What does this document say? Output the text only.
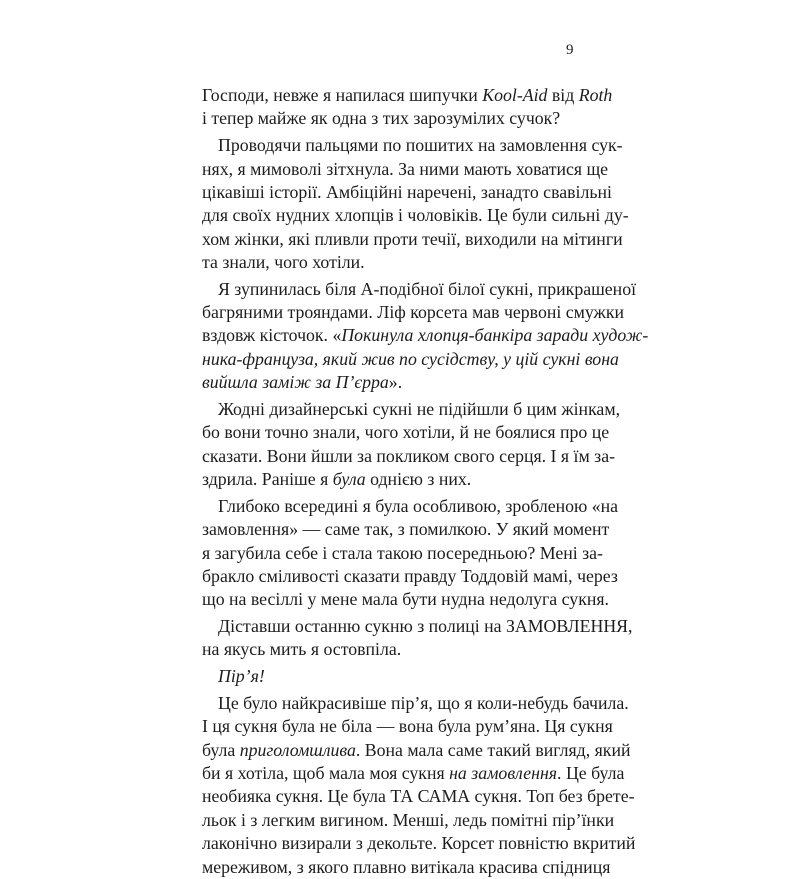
9
Господи, невже я напилася шипучки Kool-Aid від Roth
і тепер майже як одна з тих зарозумілих сучок?
Проводячи пальцями по пошитих на замовлення сук-
нях, я мимоволі зітхнула. За ними мають ховатися ще
цікавіші історії. Амбіційні наречені, занадто свавільні
для своїх нудних хлопців і чоловіків. Це були сильні ду-
хом жінки, які пливли проти течії, виходили на мітинги
та знали, чого хотіли.
Я зупинилась біля А-подібної білої сукні, прикрашеної
багряними трояндами. Ліф корсета мав червоні смужки
вздовж кісточок. «Покинула хлопця-банкіра заради худож-
ника-француза, який жив по сусідству, у цій сукні вона
вийшла заміж за П’єрра».
Жодні дизайнерські сукні не підійшли б цим жінкам,
бо вони точно знали, чого хотіли, й не боялися про це
сказати. Вони йшли за покликом свого серця. І я їм за-
здрила. Раніше я була однією з них.
Глибоко всередині я була особливою, зробленою «на
замовлення» — саме так, з помилкою. У який момент
я загубила себе і стала такою посередньою? Мені за-
бракло сміливості сказати правду Тоддовій мамі, через
що на весіллі у мене мала бути нудна недолуга сукня.
Діставши останню сукню з полиці на ЗАМОВЛЕННЯ,
на якусь мить я остовпіла.
Пір’я!
Це було найкрасивіше пір’я, що я коли-небудь бачила.
І ця сукня була не біла — вона була рум’яна. Ця сукня
була приголомшлива. Вона мала саме такий вигляд, який
би я хотіла, щоб мала моя сукня на замовлення. Це була
необияка сукня. Це була ТА САМА сукня. Топ без брете-
льок і з легким вигином. Менші, ледь помітні пір’їнки
лаконічно визирали з декольте. Корсет повністю вкритий
мереживом, з якого плавно витікала красива спідниця
